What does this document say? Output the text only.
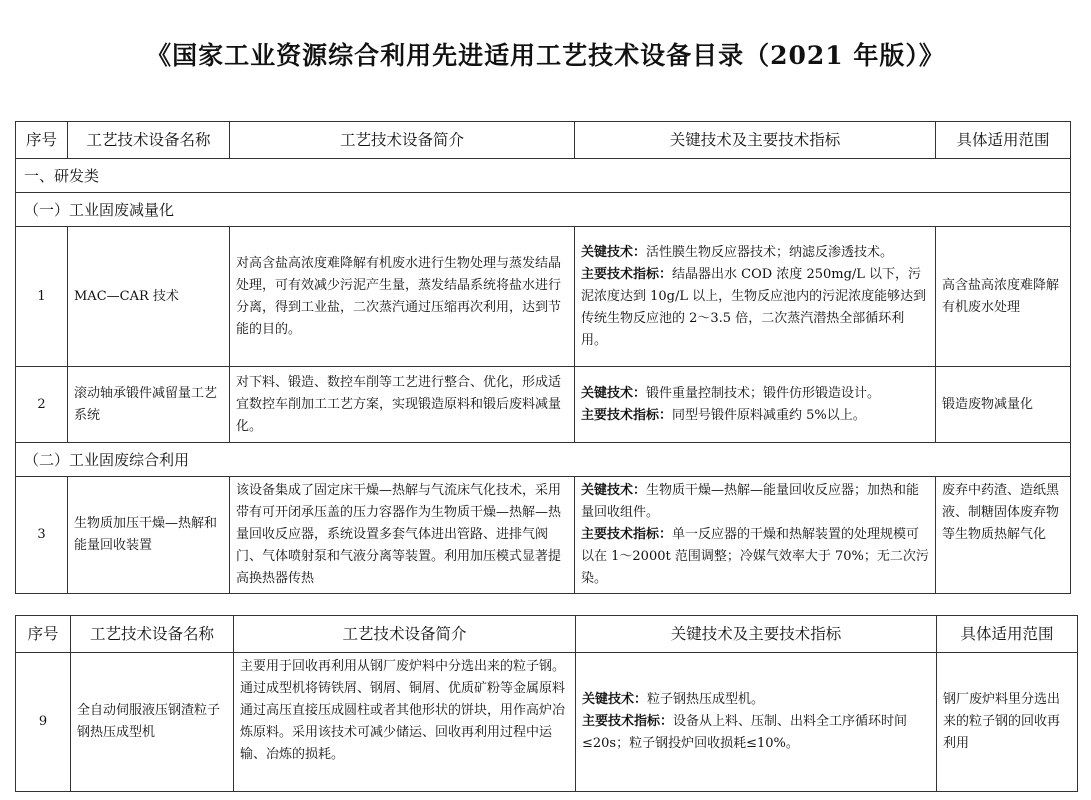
《国家工业资源综合利用先进适用工艺技术设备目录（2021 年版）》
序号	工艺技术设备名称	工艺技术设备简介	关键技术及主要技术指标	具体适用范围
一、研发类				
（一）工业固废减量化				
1	MAC—CAR 技术	对高含盐高浓度难降解有机废水进行生物处理与蒸发结晶处理，可有效减少污泥产生量，蒸发结晶系统将盐水进行分离，得到工业盐，二次蒸汽通过压缩再次利用，达到节能的目的。	关键技术：活性膜生物反应器技术；纳滤反渗透技术。
主要技术指标：结晶器出水 COD 浓度 250mg/L 以下，污泥浓度达到 10g/L 以上，生物反应池内的污泥浓度能够达到传统生物反应池的 2～3.5 倍，二次蒸汽潜热全部循环利用。	高含盐高浓度难降解有机废水处理
2	滚动轴承锻件减留量工艺系统	对下料、锻造、数控车削等工艺进行整合、优化，形成适宜数控车削加工工艺方案，实现锻造原料和锻后废料减量化。	关键技术：锻件重量控制技术；锻件仿形锻造设计。
主要技术指标：同型号锻件原料减重约 5%以上。	锻造废物减量化
（二）工业固废综合利用				
3	生物质加压干燥—热解和能量回收装置	该设备集成了固定床干燥—热解与气流床气化技术，采用带有可开闭承压盖的压力容器作为生物质干燥—热解—热量回收反应器，系统设置多套气体进出管路、进排气阀门、气体喷射泵和气液分离等装置。利用加压模式显著提高换热器传热	关键技术：生物质干燥—热解—能量回收反应器；加热和能量回收组件。
主要技术指标：单一反应器的干燥和热解装置的处理规模可以在 1～2000t 范围调整；冷媒气效率大于 70%；无二次污染。	废弃中药渣、造纸黑液、制糖固体废弃物等生物质热解气化
序号	工艺技术设备名称	工艺技术设备简介	关键技术及主要技术指标	具体适用范围
9	全自动伺服液压钢渣粒子钢热压成型机	主要用于回收再利用从钢厂废炉料中分选出来的粒子钢。通过成型机将铸铁屑、钢屑、铜屑、优质矿粉等金属原料通过高压直接压成圆柱或者其他形状的饼块，用作高炉冶炼原料。采用该技术可减少储运、回收再利用过程中运输、冶炼的损耗。	关键技术：粒子钢热压成型机。
主要技术指标：设备从上料、压制、出料全工序循环时间≤20s；粒子钢投炉回收损耗≤10%。	钢厂废炉料里分选出来的粒子钢的回收再利用
